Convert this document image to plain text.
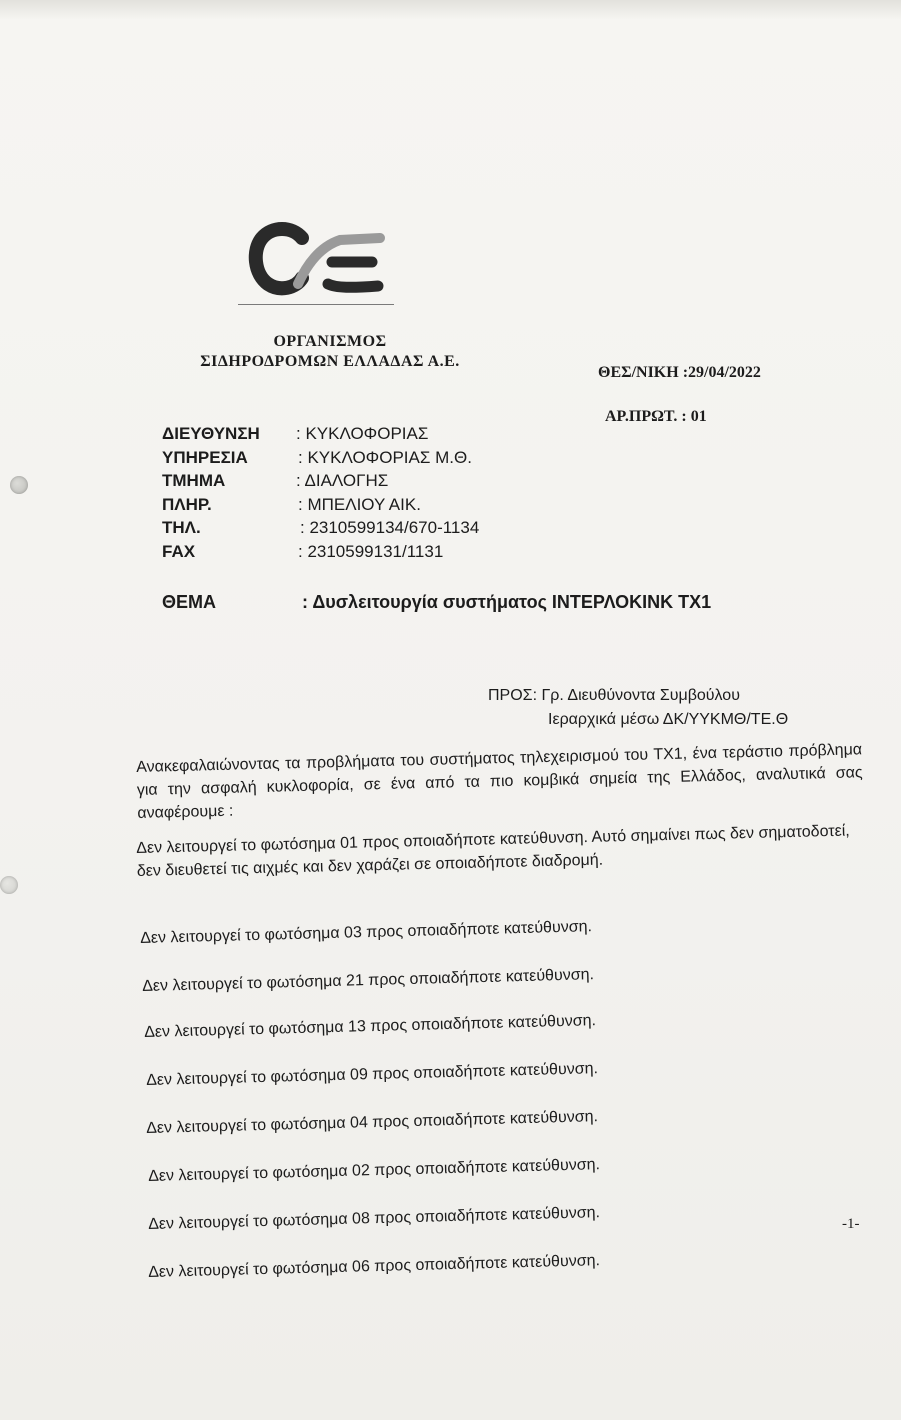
ΟΡΓΑΝΙΣΜΟΣ
ΣΙΔΗΡΟΔΡΟΜΩΝ ΕΛΛΑΔΑΣ Α.Ε.
ΘΕΣ/ΝΙΚΗ :29/04/2022
ΑΡ.ΠΡΩΤ. : 01
ΔΙΕΥΘΥΝΣΗ : ΚΥΚΛΟΦΟΡΙΑΣ
ΥΠΗΡΕΣΙΑ	: ΚΥΚΛΟΦΟΡΙΑΣ Μ.Θ.
ΤΜΗΜΑ	: ΔΙΑΛΟΓΗΣ
ΠΛΗΡ.	: ΜΠΕΛΙΟΥ ΑΙΚ.
ΤΗΛ.	: 2310599134/670-1134
FAX	: 2310599131/1131
ΘΕΜΑ	: Δυσλειτουργία συστήματος ΙΝΤΕΡΛΟΚΙΝΚ ΤΧ1
ΠΡΟΣ: Γρ. Διευθύνοντα Συμβούλου
Ιεραρχικά μέσω ΔΚ/ΥΥΚΜΘ/ΤΕ.Θ

Ανακεφαλαιώνοντας τα προβλήματα του συστήματος τηλεχειρισμού του ΤΧ1, ένα τεράστιο πρόβλημα για την ασφαλή κυκλοφορία, σε ένα από τα πιο κομβικά σημεία της Ελλάδος, αναλυτικά σας αναφέρουμε :

Δεν λειτουργεί το φωτόσημα 01 προς οποιαδήποτε κατεύθυνση. Αυτό σημαίνει πως δεν σηματοδοτεί, δεν διευθετεί τις αιχμές και δεν χαράζει σε οποιαδήποτε διαδρομή.

Δεν λειτουργεί το φωτόσημα 03 προς οποιαδήποτε κατεύθυνση.
Δεν λειτουργεί το φωτόσημα 21 προς οποιαδήποτε κατεύθυνση.
Δεν λειτουργεί το φωτόσημα 13 προς οποιαδήποτε κατεύθυνση.
Δεν λειτουργεί το φωτόσημα 09 προς οποιαδήποτε κατεύθυνση.
Δεν λειτουργεί το φωτόσημα 04 προς οποιαδήποτε κατεύθυνση.
Δεν λειτουργεί το φωτόσημα 02 προς οποιαδήποτε κατεύθυνση.
Δεν λειτουργεί το φωτόσημα 08 προς οποιαδήποτε κατεύθυνση.
Δεν λειτουργεί το φωτόσημα 06 προς οποιαδήποτε κατεύθυνση.
-1-
